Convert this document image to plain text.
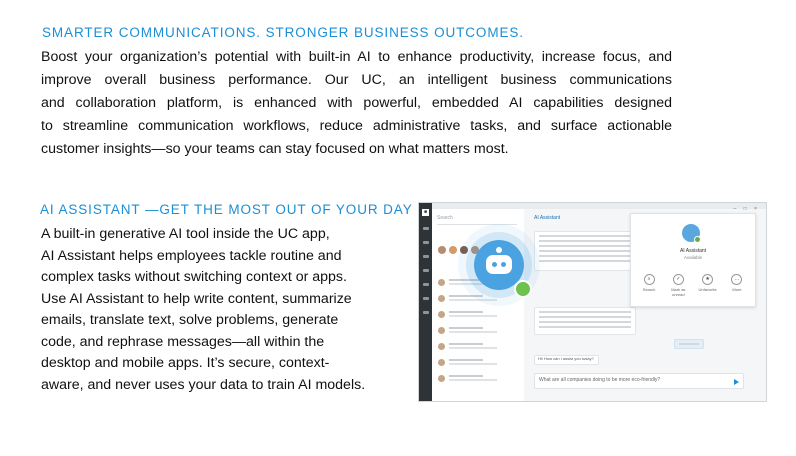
SMARTER COMMUNICATIONS. STRONGER BUSINESS OUTCOMES.
Boost your organization’s potential with built-in AI to enhance productivity, increase focus, and
improve overall business performance. Our UC, an intelligent business communications
and collaboration platform, is enhanced with powerful, embedded AI capabilities designed
to streamline communication workflows, reduce administrative tasks, and surface actionable
customer insights—so your teams can stay focused on what matters most.
AI ASSISTANT —GET THE MOST OUT OF YOUR DAY
A built-in generative AI tool inside the UC app,
AI Assistant helps employees tackle routine and
complex tasks without switching context or apps.
Use AI Assistant to help write content, summarize
emails, translate text, solve problems, generate
code, and rephrase messages—all within the
desktop and mobile apps. It’s secure, context-
aware, and never uses your data to train AI models.
■
Search	AI Assistant
Hi! How can I assist you today?
What are all companies doing to be more eco-friendly?
– □ ×
AI Assistant
Available
⌕
Search
✓
Mark as unread
★
Unfavorite
…
More
